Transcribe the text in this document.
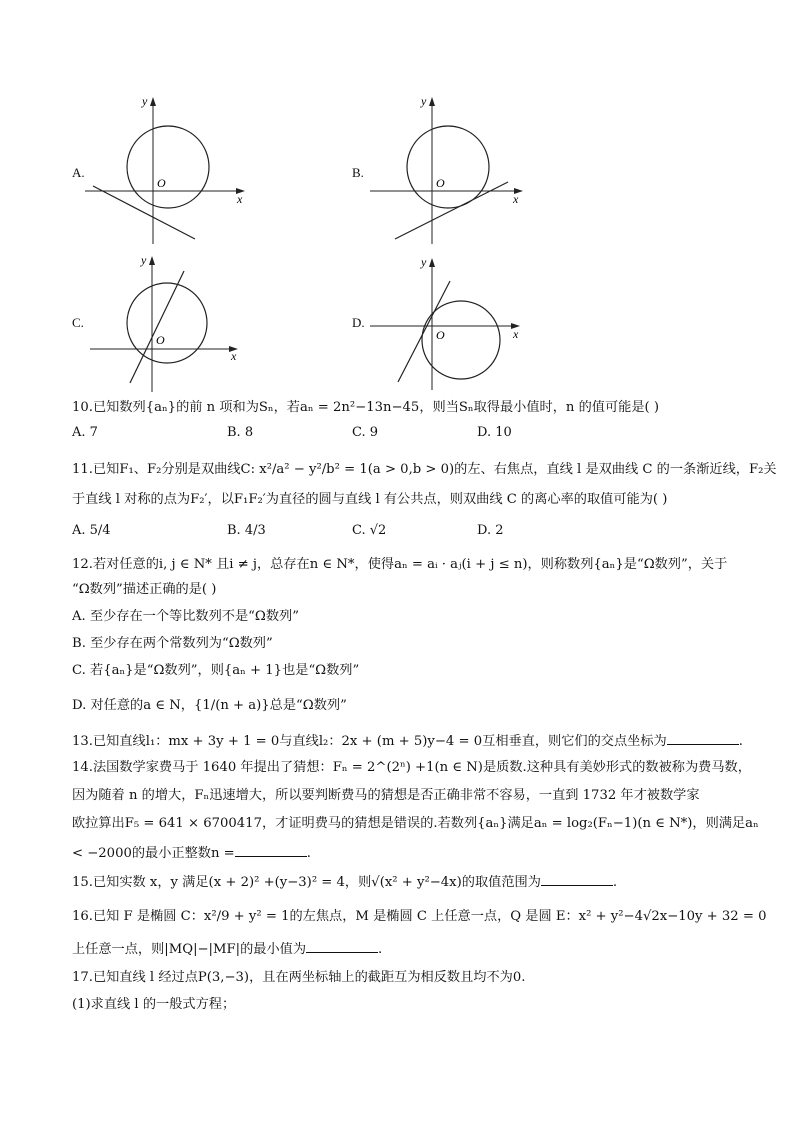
A.
x
y
O
B.
x
y
O
C.
x
y
O
D.
x
y
O
10.已知数列{aₙ}的前 n 项和为Sₙ，若aₙ = 2n²−13n−45，则当Sₙ取得最小值时，n 的值可能是( )
A. 7	B. 8	C. 9	D. 10
11.已知F₁、F₂分别是双曲线C: x²/a² − y²/b² = 1(a > 0,b > 0)的左、右焦点，直线 l 是双曲线 C 的一条渐近线，F₂关
于直线 l 对称的点为F₂′，以F₁F₂′为直径的圆与直线 l 有公共点，则双曲线 C 的离心率的取值可能为( )
A. 5/4	B. 4/3	C. √2	D. 2
12.若对任意的i, j ∈ N* 且i ≠ j，总存在n ∈ N*，使得aₙ = aᵢ · aⱼ(i + j ≤ n)，则称数列{aₙ}是“Ω数列”，关于
“Ω数列”描述正确的是( )
A. 至少存在一个等比数列不是“Ω数列”
B. 至少存在两个常数列为“Ω数列”
C. 若{aₙ}是“Ω数列”，则{aₙ + 1}也是“Ω数列”
D. 对任意的a ∈ N，{1/(n + a)}总是“Ω数列”
13.已知直线l₁：mx + 3y + 1 = 0与直线l₂：2x + (m + 5)y−4 = 0互相垂直，则它们的交点坐标为	.
14.法国数学家费马于 1640 年提出了猜想：Fₙ = 2^(2ⁿ) +1(n ∈ N)是质数.这种具有美妙形式的数被称为费马数，
因为随着 n 的增大，Fₙ迅速增大，所以要判断费马的猜想是否正确非常不容易，一直到 1732 年才被数学家
欧拉算出F₅ = 641 × 6700417，才证明费马的猜想是错误的.若数列{aₙ}满足aₙ = log₂(Fₙ−1)(n ∈ N*)，则满足aₙ
< −2000的最小正整数n =	.
15.已知实数 x，y 满足(x + 2)² +(y−3)² = 4，则√(x² + y²−4x)的取值范围为	.
16.已知 F 是椭圆 C：x²/9 + y² = 1的左焦点，M 是椭圆 C 上任意一点，Q 是圆 E：x² + y²−4√2x−10y + 32 = 0
上任意一点，则|MQ|−|MF|的最小值为	.
17.已知直线 l 经过点P(3,−3)，且在两坐标轴上的截距互为相反数且均不为0.
(1)求直线 l 的一般式方程；
